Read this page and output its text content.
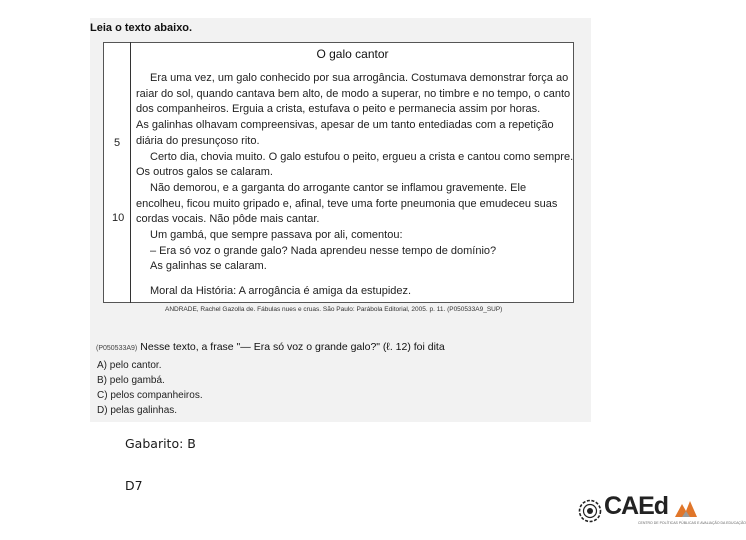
Leia o texto abaixo.
5
10
O galo cantor
Era uma vez, um galo conhecido por sua arrogância. Costumava demonstrar força ao
raiar do sol, quando cantava bem alto, de modo a superar, no timbre e no tempo, o canto
dos companheiros. Erguia a crista, estufava o peito e permanecia assim por horas.
As galinhas olhavam compreensivas, apesar de um tanto entediadas com a repetição
diária do presunçoso rito.
Certo dia, chovia muito. O galo estufou o peito, ergueu a crista e cantou como sempre.
Os outros galos se calaram.
Não demorou, e a garganta do arrogante cantor se inflamou gravemente. Ele
encolheu, ficou muito gripado e, afinal, teve uma forte pneumonia que emudeceu suas
cordas vocais. Não pôde mais cantar.
Um gambá, que sempre passava por ali, comentou:
– Era só voz o grande galo? Nada aprendeu nesse tempo de domínio?
As galinhas se calaram.
Moral da História: A arrogância é amiga da estupidez.
ANDRADE, Rachel Gazolla de. Fábulas nues e cruas. São Paulo: Parábola Editorial, 2005. p. 11. (P050533A9_SUP)
(P050533A9) Nesse texto, a frase "— Era só voz o grande galo?" (ℓ. 12) foi dita
A) pelo cantor.
B) pelo gambá.
C) pelos companheiros.
D) pelas galinhas.
Gabarito: B
D7
CAEd
CENTRO DE POLÍTICAS PÚBLICAS E AVALIAÇÃO DA EDUCAÇÃO
